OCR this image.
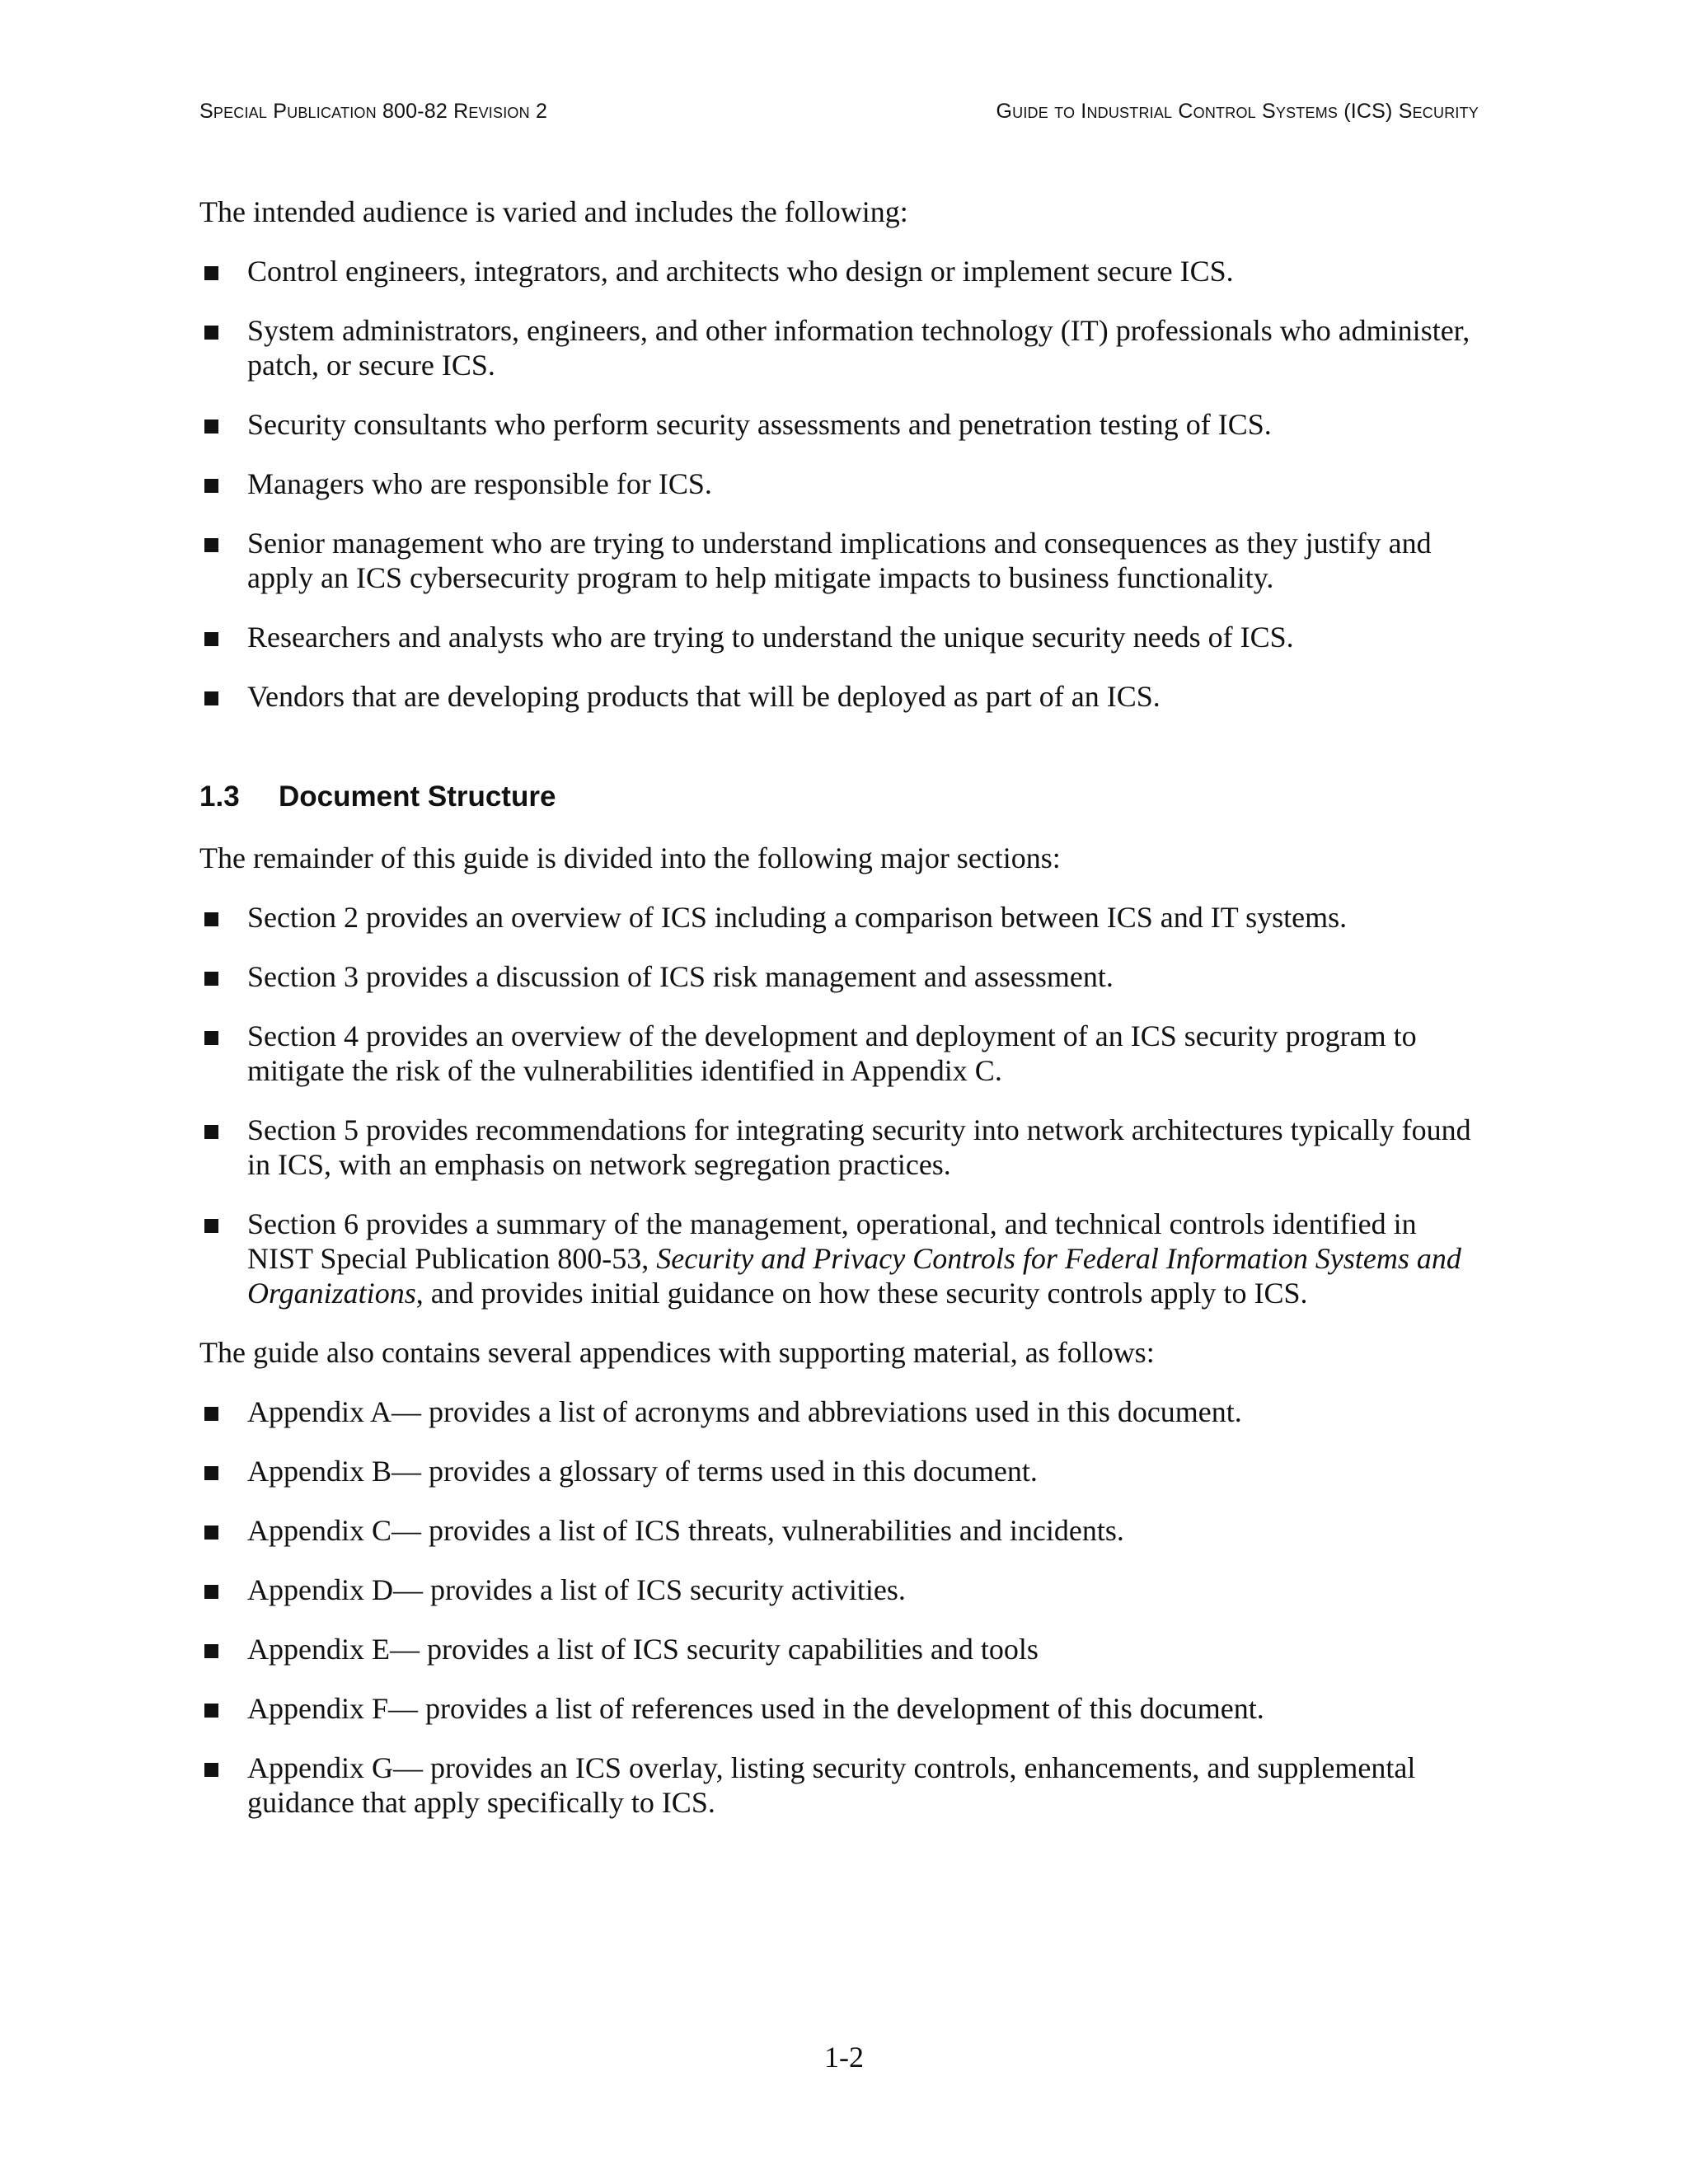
Special Publication 800-82 Revision 2	Guide to Industrial Control Systems (ICS) Security

The intended audience is varied and includes the following:

Control engineers, integrators, and architects who design or implement secure ICS.
System administrators, engineers, and other information technology (IT) professionals who administer, patch, or secure ICS.
Security consultants who perform security assessments and penetration testing of ICS.
Managers who are responsible for ICS.
Senior management who are trying to understand implications and consequences as they justify and apply an ICS cybersecurity program to help mitigate impacts to business functionality.
Researchers and analysts who are trying to understand the unique security needs of ICS.
Vendors that are developing products that will be deployed as part of an ICS.
1.3 Document Structure

The remainder of this guide is divided into the following major sections:

Section 2 provides an overview of ICS including a comparison between ICS and IT systems.
Section 3 provides a discussion of ICS risk management and assessment.
Section 4 provides an overview of the development and deployment of an ICS security program to mitigate the risk of the vulnerabilities identified in Appendix C.
Section 5 provides recommendations for integrating security into network architectures typically found in ICS, with an emphasis on network segregation practices.
Section 6 provides a summary of the management, operational, and technical controls identified in NIST Special Publication 800-53, Security and Privacy Controls for Federal Information Systems and Organizations, and provides initial guidance on how these security controls apply to ICS.

The guide also contains several appendices with supporting material, as follows:

Appendix A— provides a list of acronyms and abbreviations used in this document.
Appendix B— provides a glossary of terms used in this document.
Appendix C— provides a list of ICS threats, vulnerabilities and incidents.
Appendix D— provides a list of ICS security activities.
Appendix E— provides a list of ICS security capabilities and tools
Appendix F— provides a list of references used in the development of this document.
Appendix G— provides an ICS overlay, listing security controls, enhancements, and supplemental guidance that apply specifically to ICS.
1-2
